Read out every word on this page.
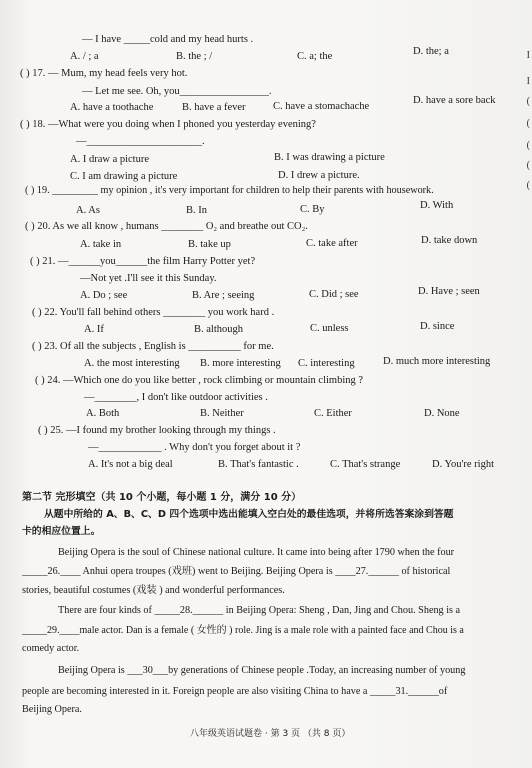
— I have _____cold and my head hurts .
A. / ; a	B. the ; /	C. a; the	D. the; a
( ) 17. — Mum, my head feels very hot.
— Let me see. Oh, you_________________.
A. have a toothache	B. have a fever	C. have a stomachache
D. have a sore back
( ) 18. —What were you doing when I phoned you yesterday evening?
—______________________.
A. I draw a picture	B. I was drawing a picture
C. I am drawing a picture	D. I drew a picture.
( ) 19. _________ my opinion , it's very important for children to help their parents with housework.
A. As	B. In	C. By	D. With
( ) 20. As we all know , humans ________ O₂ and breathe out CO₂.
A. take in	B. take up	C. take after	D. take down
( ) 21. —______you______the film Harry Potter yet?
—Not yet .I'll see it this Sunday.
A. Do ; see	B. Are ; seeing	C. Did ; see	D. Have ; seen
( ) 22. You'll fall behind others ________ you work hard .
A. If	B. although	C. unless	D. since
( ) 23. Of all the subjects , English is __________ for me.
A. the most interesting B. more interesting C. interesting	D. much more interesting
( ) 24. —Which one do you like better , rock climbing or mountain climbing ?
—________, I don't like outdoor activities .
A. Both	B. Neither	C. Either	D. None
( ) 25. —I found my brother looking through my things .
—____________ . Why don't you forget about it ?
A. It's not a big deal	B. That's fantastic .	C. That's strange	D. You're right
第二节 完形填空（共 10 个小题，每小题 1 分，满分 10 分）
从题中所给的 A、B、C、D 四个选项中选出能填入空白处的最佳选项，并将所选答案涂到答题
卡的相应位置上。
Beijing Opera is the soul of Chinese national culture. It came into being after 1790 when the four
_____26.____ Anhui opera troupes (戏班) went to Beijing. Beijing Opera is ____27.______ of historical
stories, beautiful costumes (戏装 ) and wonderful performances.
There are four kinds of _____28.______ in Beijing Opera: Sheng , Dan, Jing and Chou. Sheng is a
_____29.____male actor. Dan is a female ( 女性的 ) role. Jing is a male role with a painted face and Chou is a
comedy actor.
Beijing Opera is ___30___by generations of Chinese people .Today, an increasing number of young
people are becoming interested in it. Foreign people are also visiting China to have a _____31.______of
Beijing Opera.
八年级英语试题卷 · 第 3 页 （共 8 页）
I
I
(
(
(
(
(
